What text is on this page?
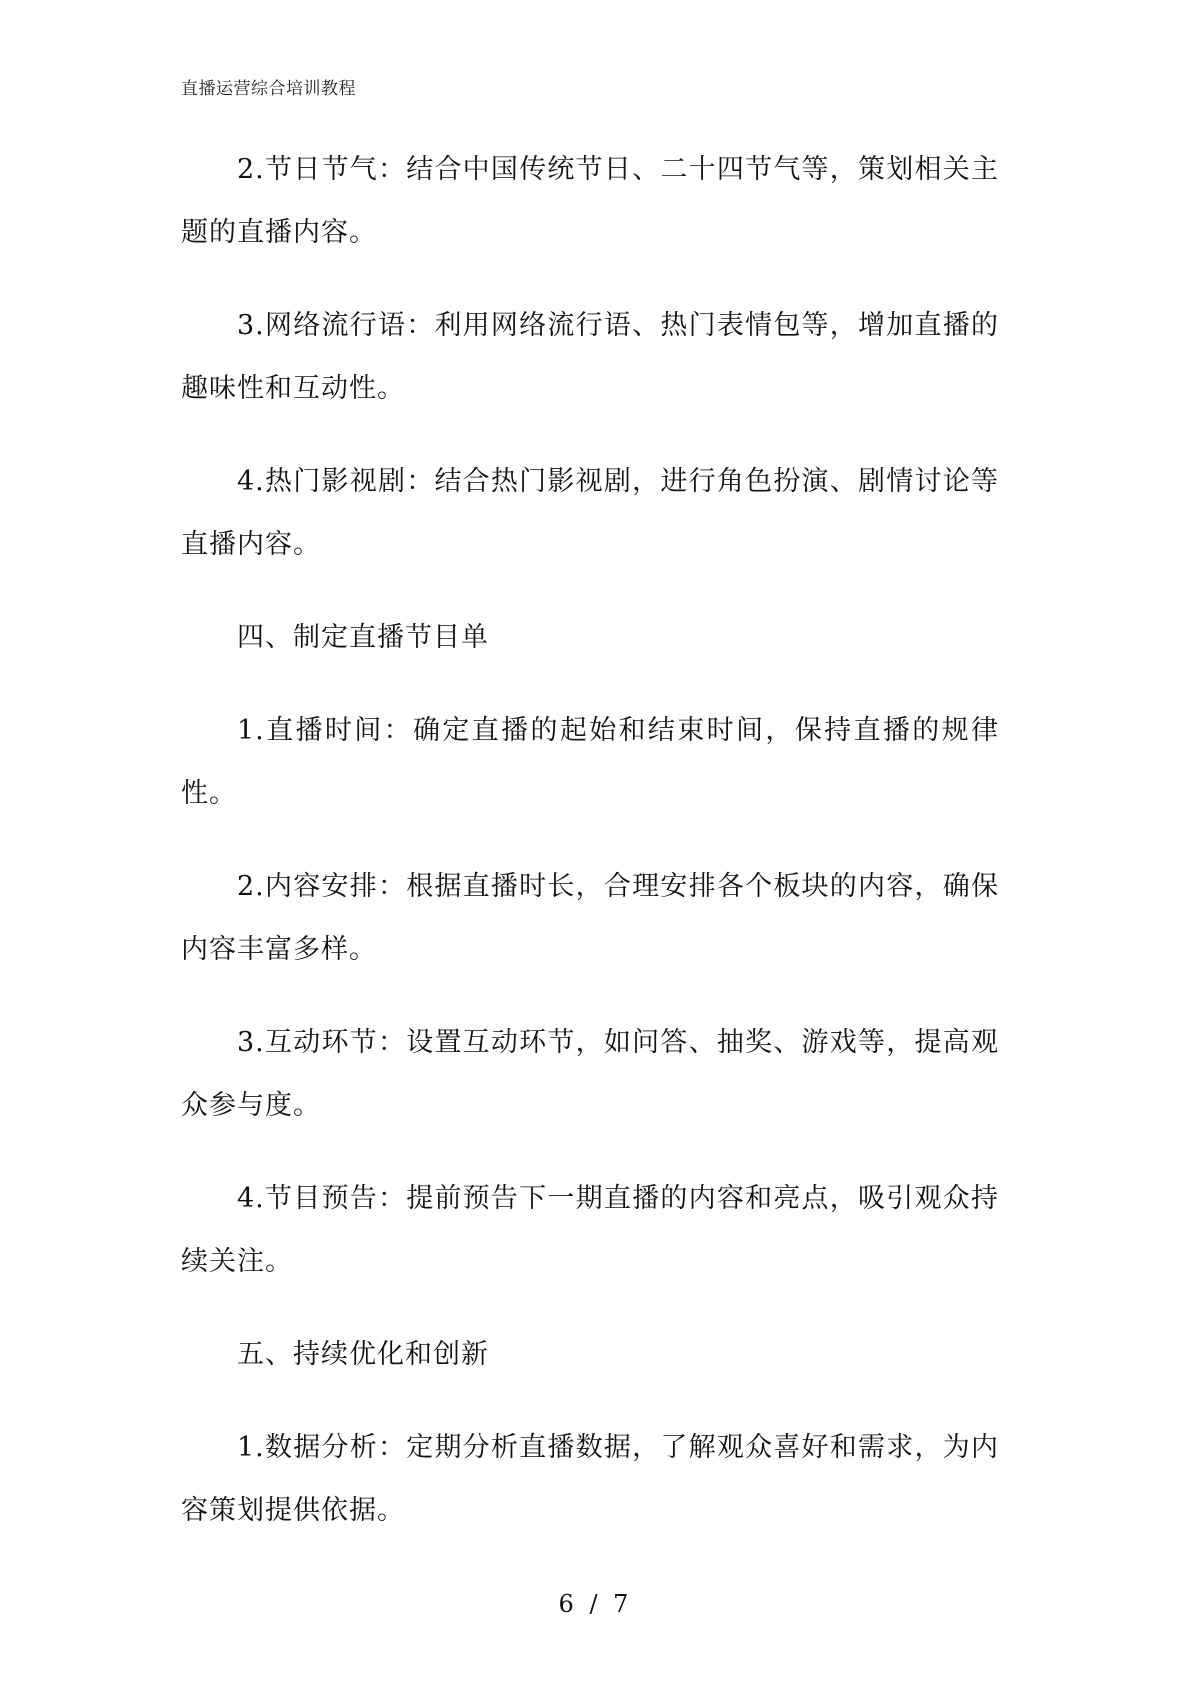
直播运营综合培训教程

2.节日节气：结合中国传统节日、二十四节气等，策划相关主题的直播内容。

3.网络流行语：利用网络流行语、热门表情包等，增加直播的趣味性和互动性。

4.热门影视剧：结合热门影视剧，进行角色扮演、剧情讨论等直播内容。

四、制定直播节目单

1.直播时间：确定直播的起始和结束时间，保持直播的规律性。

2.内容安排：根据直播时长，合理安排各个板块的内容，确保内容丰富多样。

3.互动环节：设置互动环节，如问答、抽奖、游戏等，提高观众参与度。

4.节目预告：提前预告下一期直播的内容和亮点，吸引观众持续关注。

五、持续优化和创新

1.数据分析：定期分析直播数据，了解观众喜好和需求，为内容策划提供依据。

6 / 7
